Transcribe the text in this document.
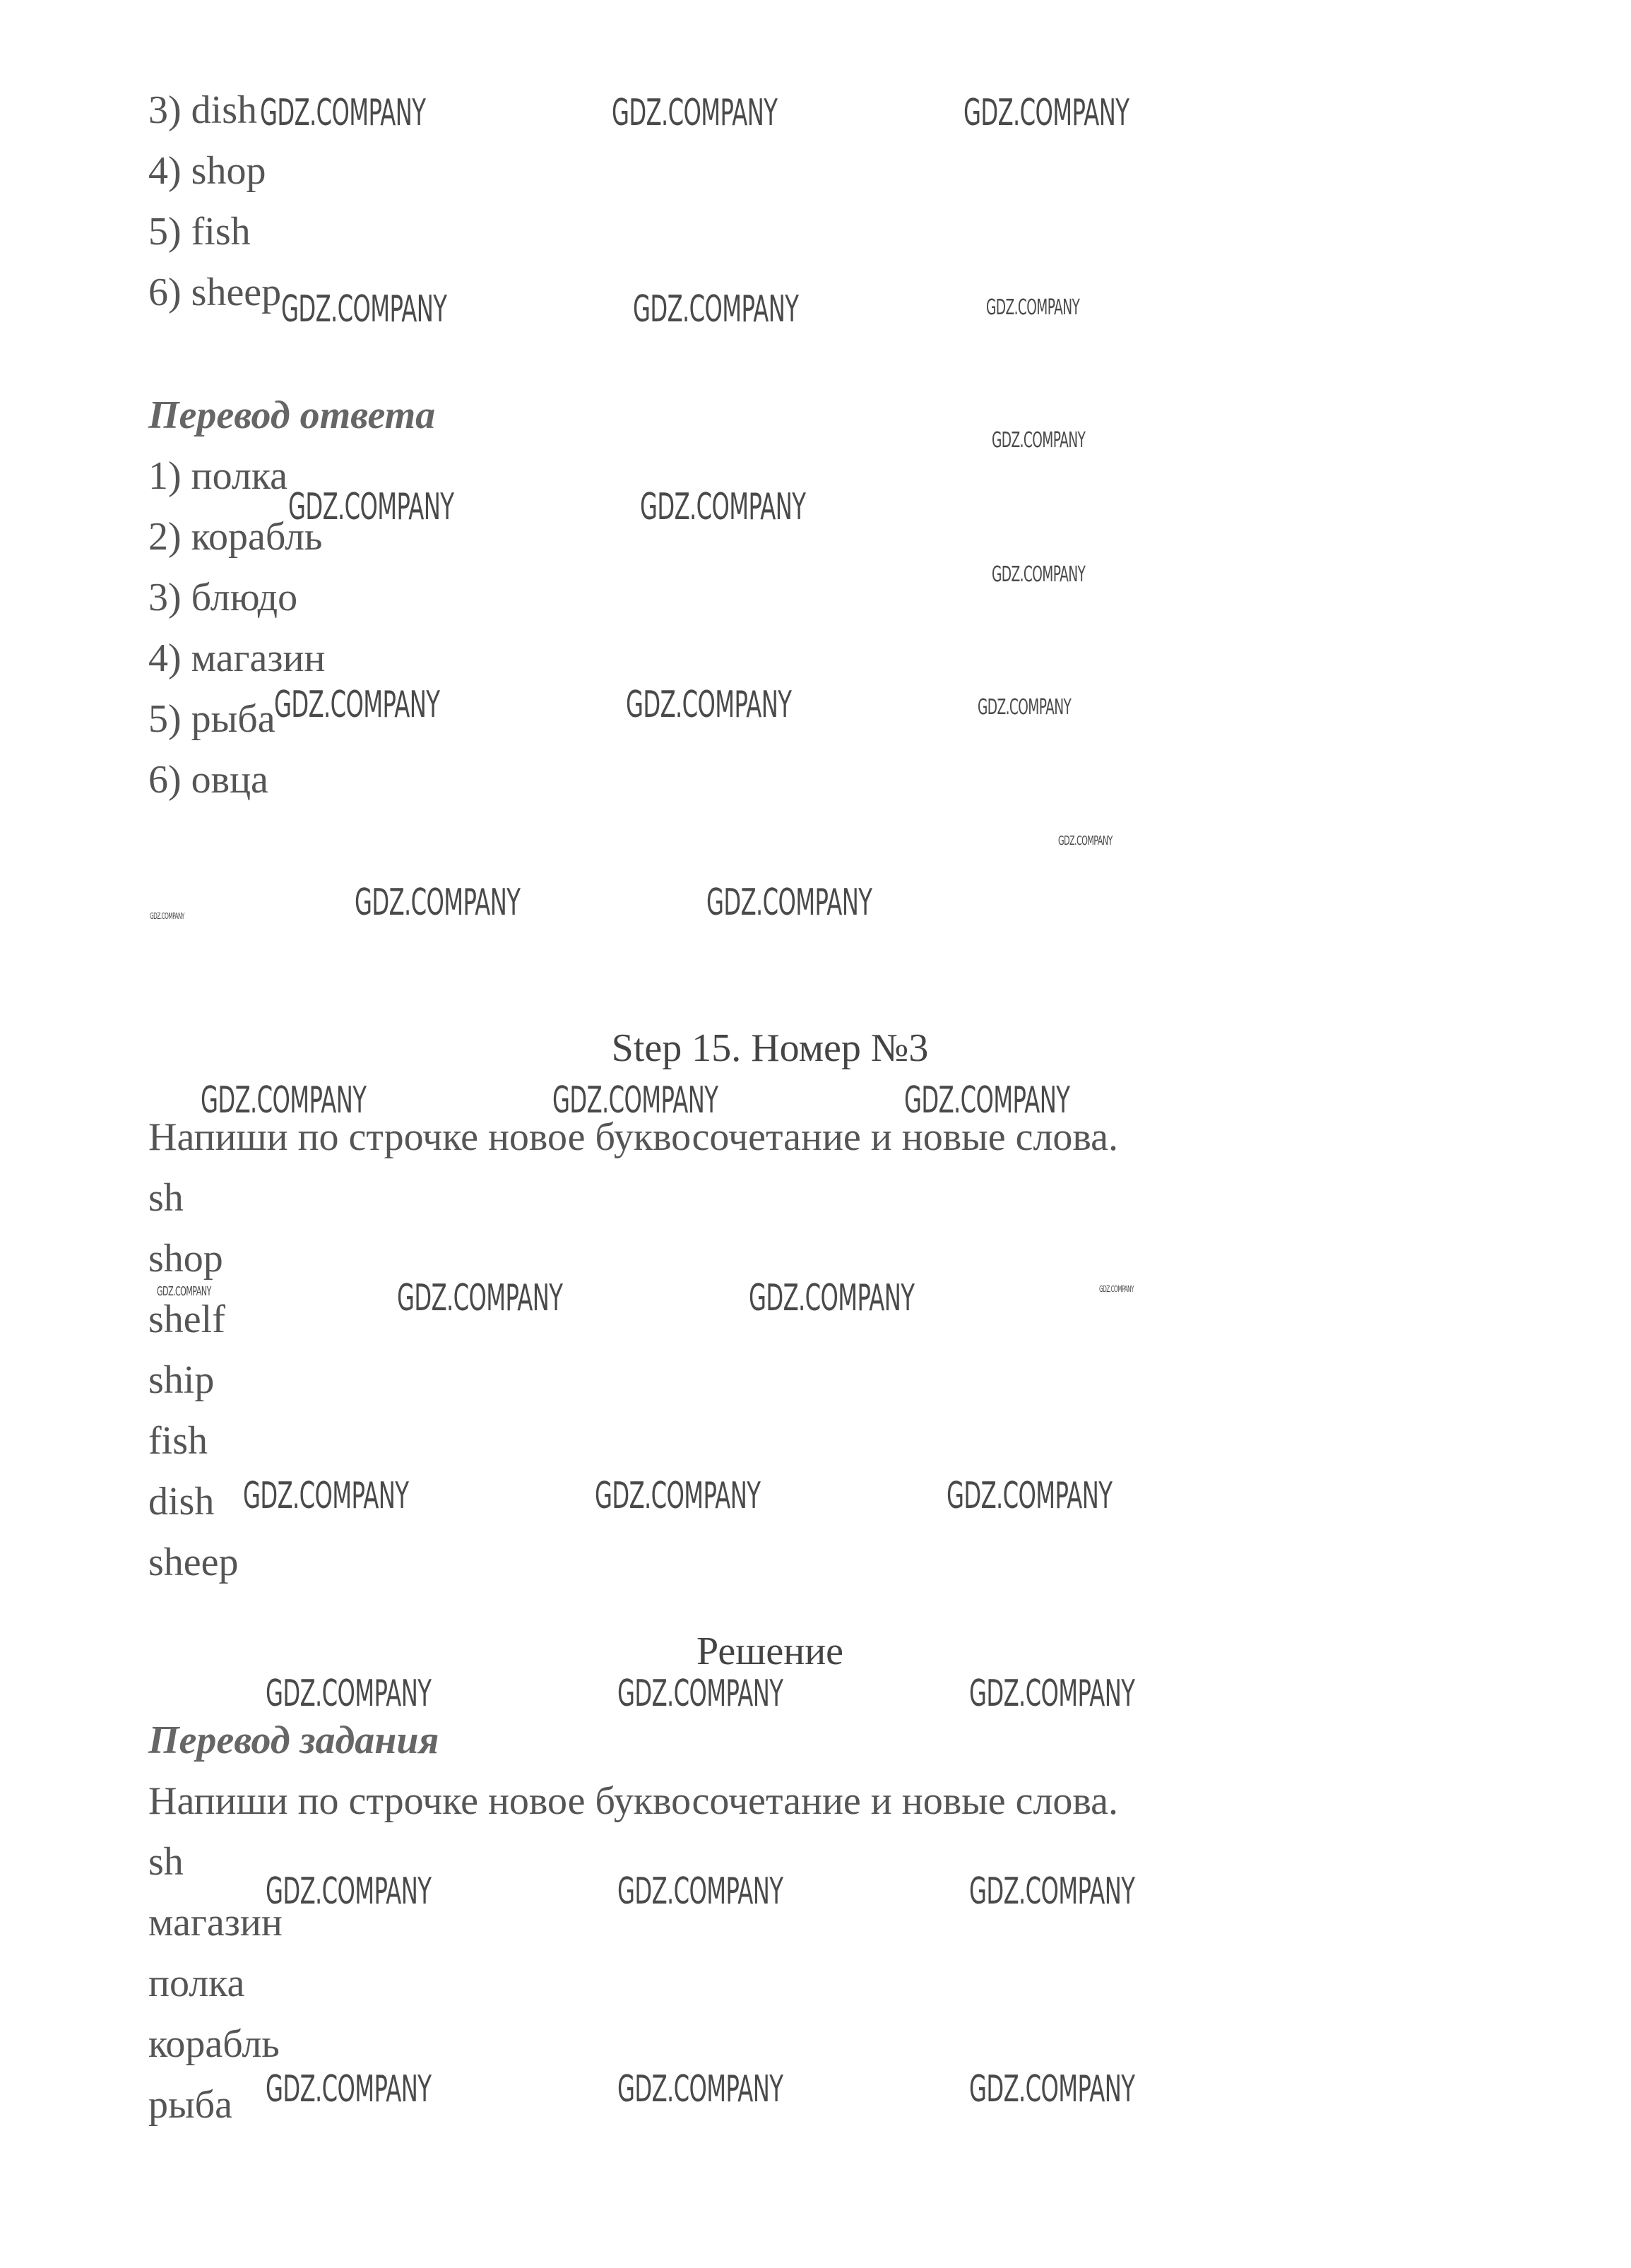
3) dish
4) shop
5) fish
6) sheep
Перевод ответа
1) полка
2) корабль
3) блюдо
4) магазин
5) рыба
6) овца
Step 15. Номер №3
Напиши по строчке новое буквосочетание и новые слова.
sh
shop
shelf
ship
fish
dish
sheep
Решение
Перевод задания
Напиши по строчке новое буквосочетание и новые слова.
sh
магазин
полка
корабль
рыба
GDZ.COMPANY	GDZ.COMPANY	GDZ.COMPANY
GDZ.COMPANY	GDZ.COMPANY	GDZ.COMPANY
GDZ.COMPANY
GDZ.COMPANY	GDZ.COMPANY
GDZ.COMPANY
GDZ.COMPANY	GDZ.COMPANY	GDZ.COMPANY
GDZ.COMPANY
GDZ.COMPANY	GDZ.COMPANY	GDZ.COMPANY
GDZ.COMPANY	GDZ.COMPANY	GDZ.COMPANY
GDZ.COMPANY	GDZ.COMPANY	GDZ.COMPANY	GDZ.COMPANY
GDZ.COMPANY	GDZ.COMPANY	GDZ.COMPANY
GDZ.COMPANY	GDZ.COMPANY	GDZ.COMPANY
GDZ.COMPANY	GDZ.COMPANY	GDZ.COMPANY
GDZ.COMPANY	GDZ.COMPANY	GDZ.COMPANY
